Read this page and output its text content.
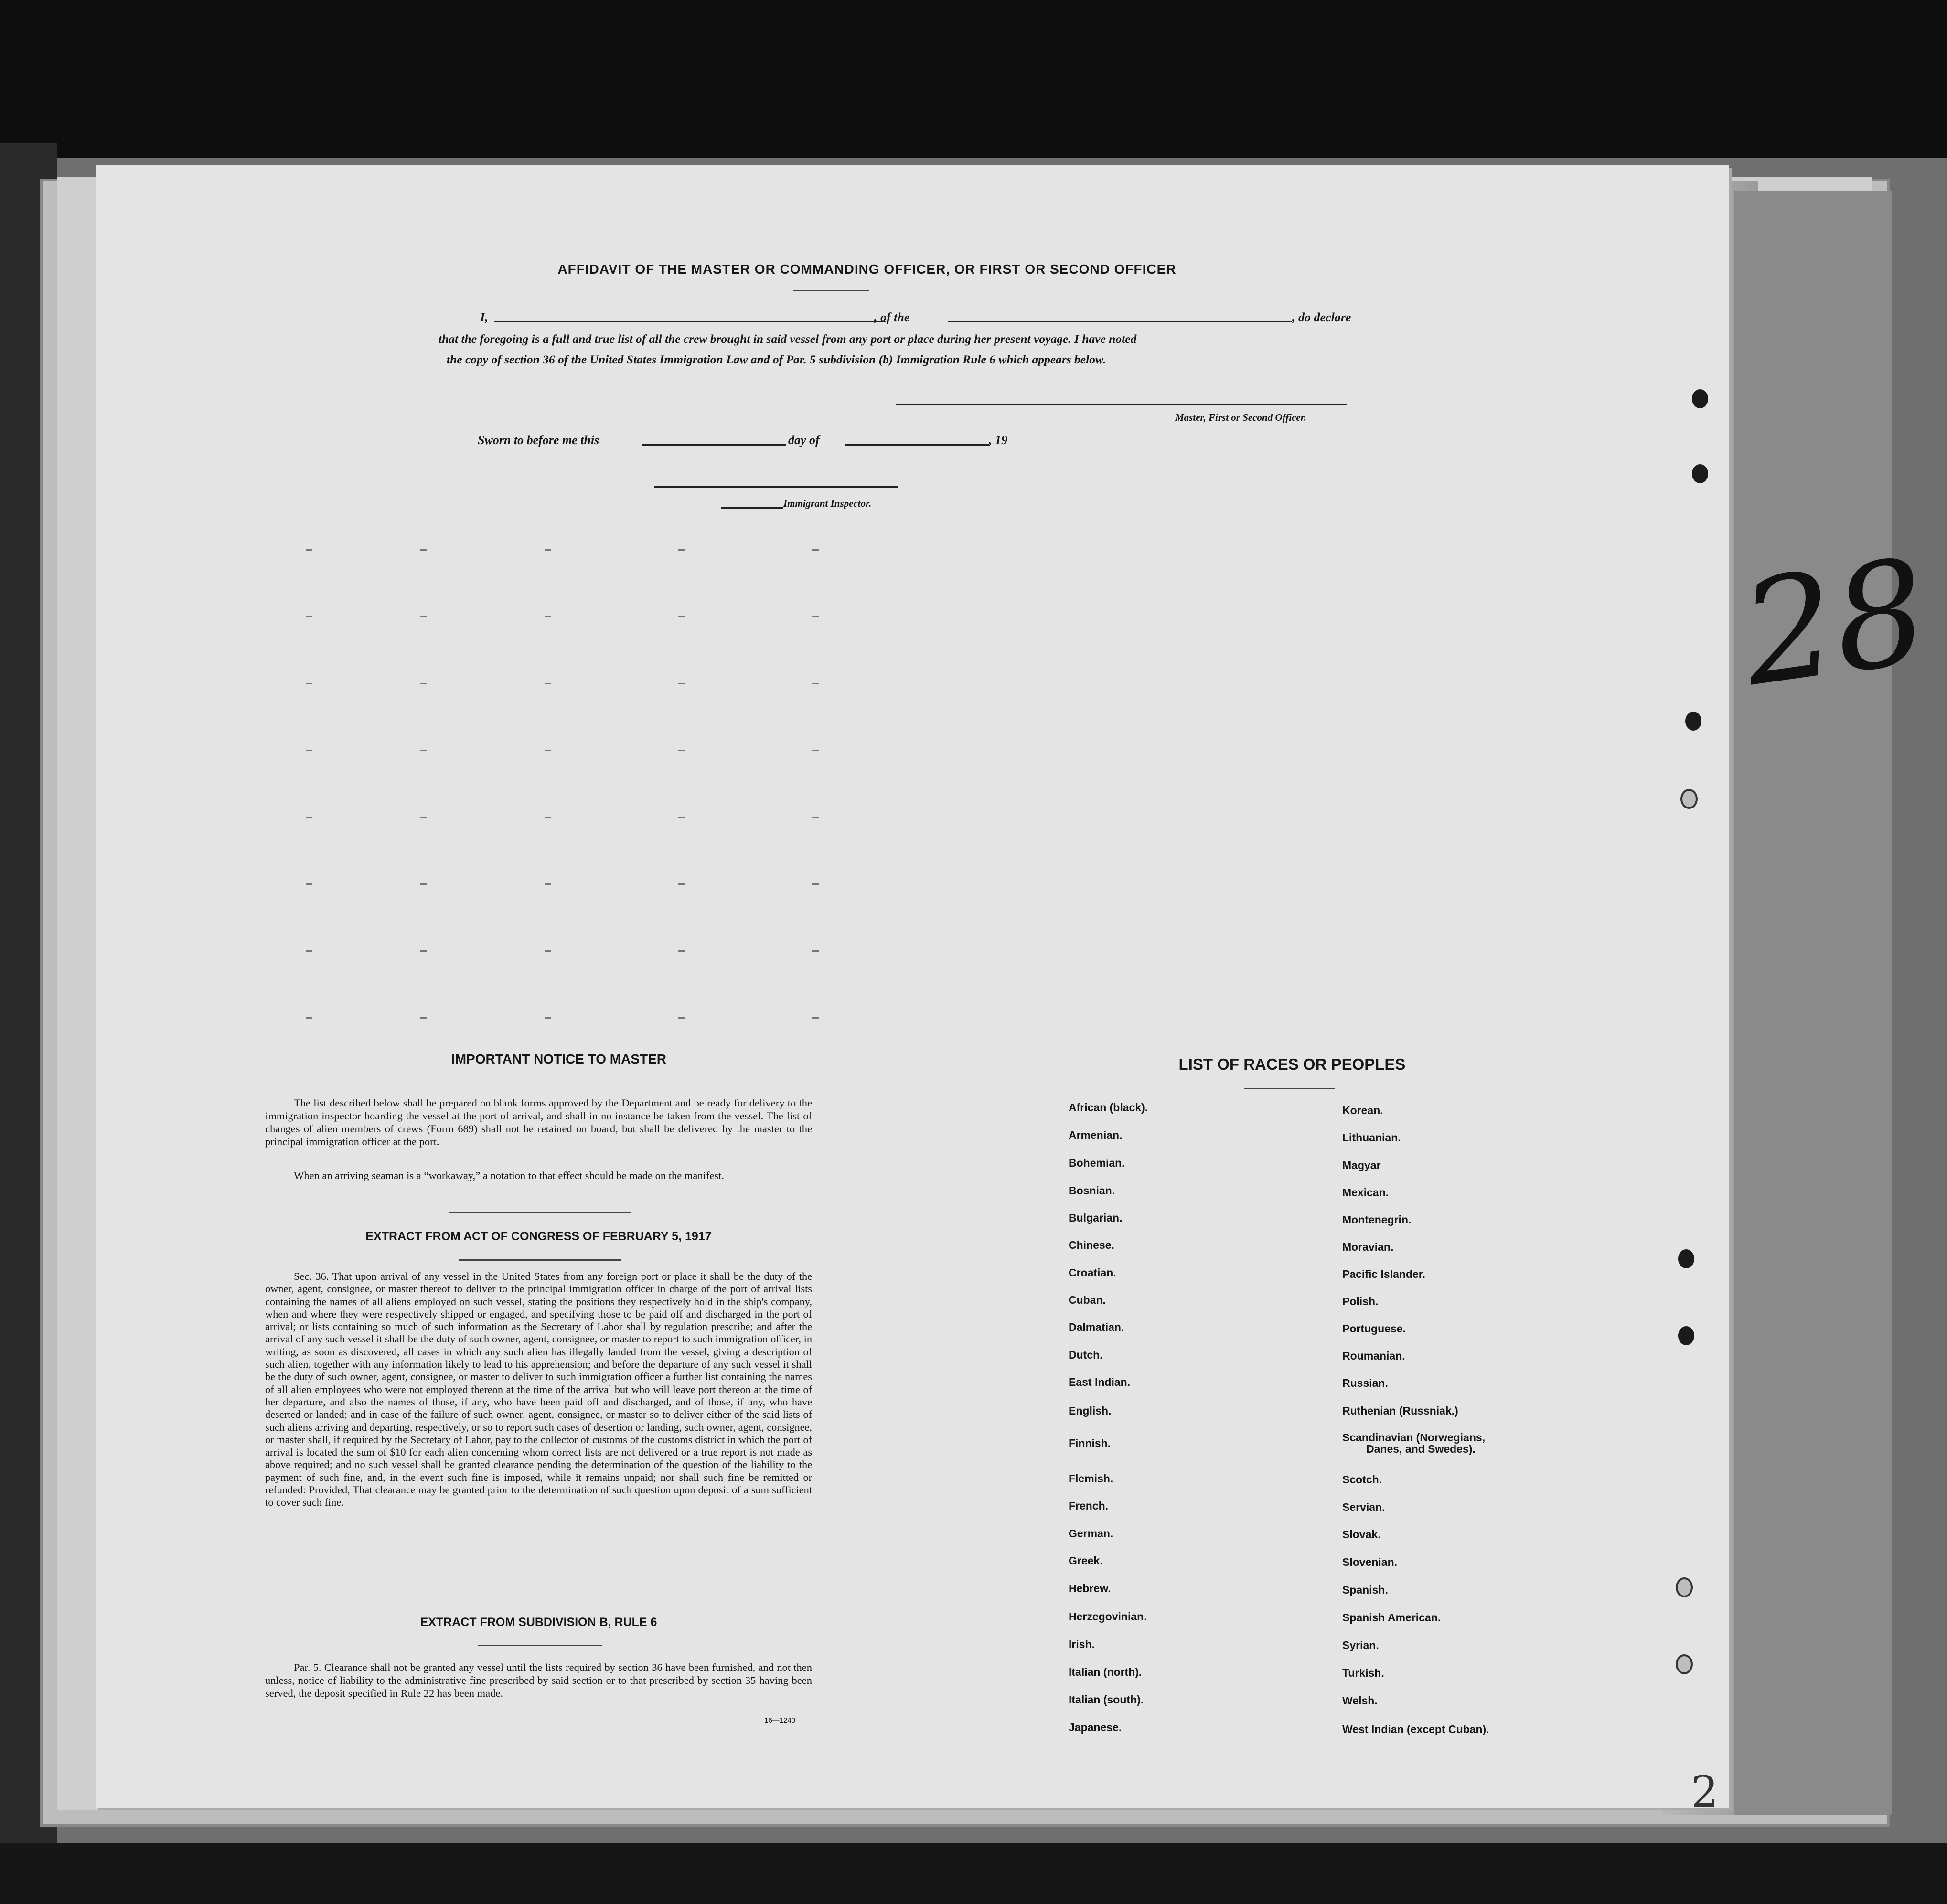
28
2
AFFIDAVIT OF THE MASTER OR COMMANDING OFFICER, OR FIRST OR SECOND OFFICER
I,	, of the	, do declare
that the foregoing is a full and true list of all the crew brought in said vessel from any port or place during her present voyage. I have noted
the copy of section 36 of the United States Immigration Law and of Par. 5 subdivision (b) Immigration Rule 6 which appears below.
Master, First or Second Officer.
Sworn to before me this	day of	, 19
Immigrant Inspector.
IMPORTANT NOTICE TO MASTER
The list described below shall be prepared on blank forms approved by the Department and be ready for delivery to the immigration inspector boarding the vessel at the port of arrival, and shall in no instance be taken from the vessel. The list of changes of alien members of crews (Form 689) shall not be retained on board, but shall be delivered by the master to the principal immigration officer at the port.
When an arriving seaman is a “workaway,” a notation to that effect should be made on the manifest.
EXTRACT FROM ACT OF CONGRESS OF FEBRUARY 5, 1917
Sec. 36. That upon arrival of any vessel in the United States from any foreign port or place it shall be the duty of the owner, agent, consignee, or master thereof to deliver to the principal immigration officer in charge of the port of arrival lists containing the names of all aliens employed on such vessel, stating the positions they respectively hold in the ship's company, when and where they were respectively shipped or engaged, and specifying those to be paid off and discharged in the port of arrival; or lists containing so much of such information as the Secretary of Labor shall by regulation prescribe; and after the arrival of any such vessel it shall be the duty of such owner, agent, consignee, or master to report to such immigration officer, in writing, as soon as discovered, all cases in which any such alien has illegally landed from the vessel, giving a description of such alien, together with any information likely to lead to his apprehension; and before the departure of any such vessel it shall be the duty of such owner, agent, consignee, or master to deliver to such immigration officer a further list containing the names of all alien employees who were not employed thereon at the time of the arrival but who will leave port thereon at the time of her departure, and also the names of those, if any, who have been paid off and discharged, and of those, if any, who have deserted or landed; and in case of the failure of such owner, agent, consignee, or master so to deliver either of the said lists of such aliens arriving and departing, respectively, or so to report such cases of desertion or landing, such owner, agent, consignee, or master shall, if required by the Secretary of Labor, pay to the collector of customs of the customs district in which the port of arrival is located the sum of $10 for each alien concerning whom correct lists are not delivered or a true report is not made as above required; and no such vessel shall be granted clearance pending the determination of the question of the liability to the payment of such fine, and, in the event such fine is imposed, while it remains unpaid; nor shall such fine be remitted or refunded: Provided, That clearance may be granted prior to the determination of such question upon deposit of a sum sufficient to cover such fine.
EXTRACT FROM SUBDIVISION B, RULE 6
Par. 5. Clearance shall not be granted any vessel until the lists required by section 36 have been furnished, and not then unless, notice of liability to the administrative fine prescribed by said section or to that prescribed by section 35 having been served, the deposit specified in Rule 22 has been made.
16—1240
LIST OF RACES OR PEOPLES
African (black).
Armenian.
Bohemian.
Bosnian.
Bulgarian.
Chinese.
Croatian.
Cuban.
Dalmatian.
Dutch.
East Indian.
English.
Finnish.
Flemish.
French.
German.
Greek.
Hebrew.
Herzegovinian.
Irish.
Italian (north).
Italian (south).
Japanese.
Korean.
Lithuanian.
Magyar
Mexican.
Montenegrin.
Moravian.
Pacific Islander.
Polish.
Portuguese.
Roumanian.
Russian.
Ruthenian (Russniak.)
Scandinavian (Norwegians,
Danes, and Swedes).
Scotch.
Servian.
Slovak.
Slovenian.
Spanish.
Spanish American.
Syrian.
Turkish.
Welsh.
West Indian (except Cuban).
